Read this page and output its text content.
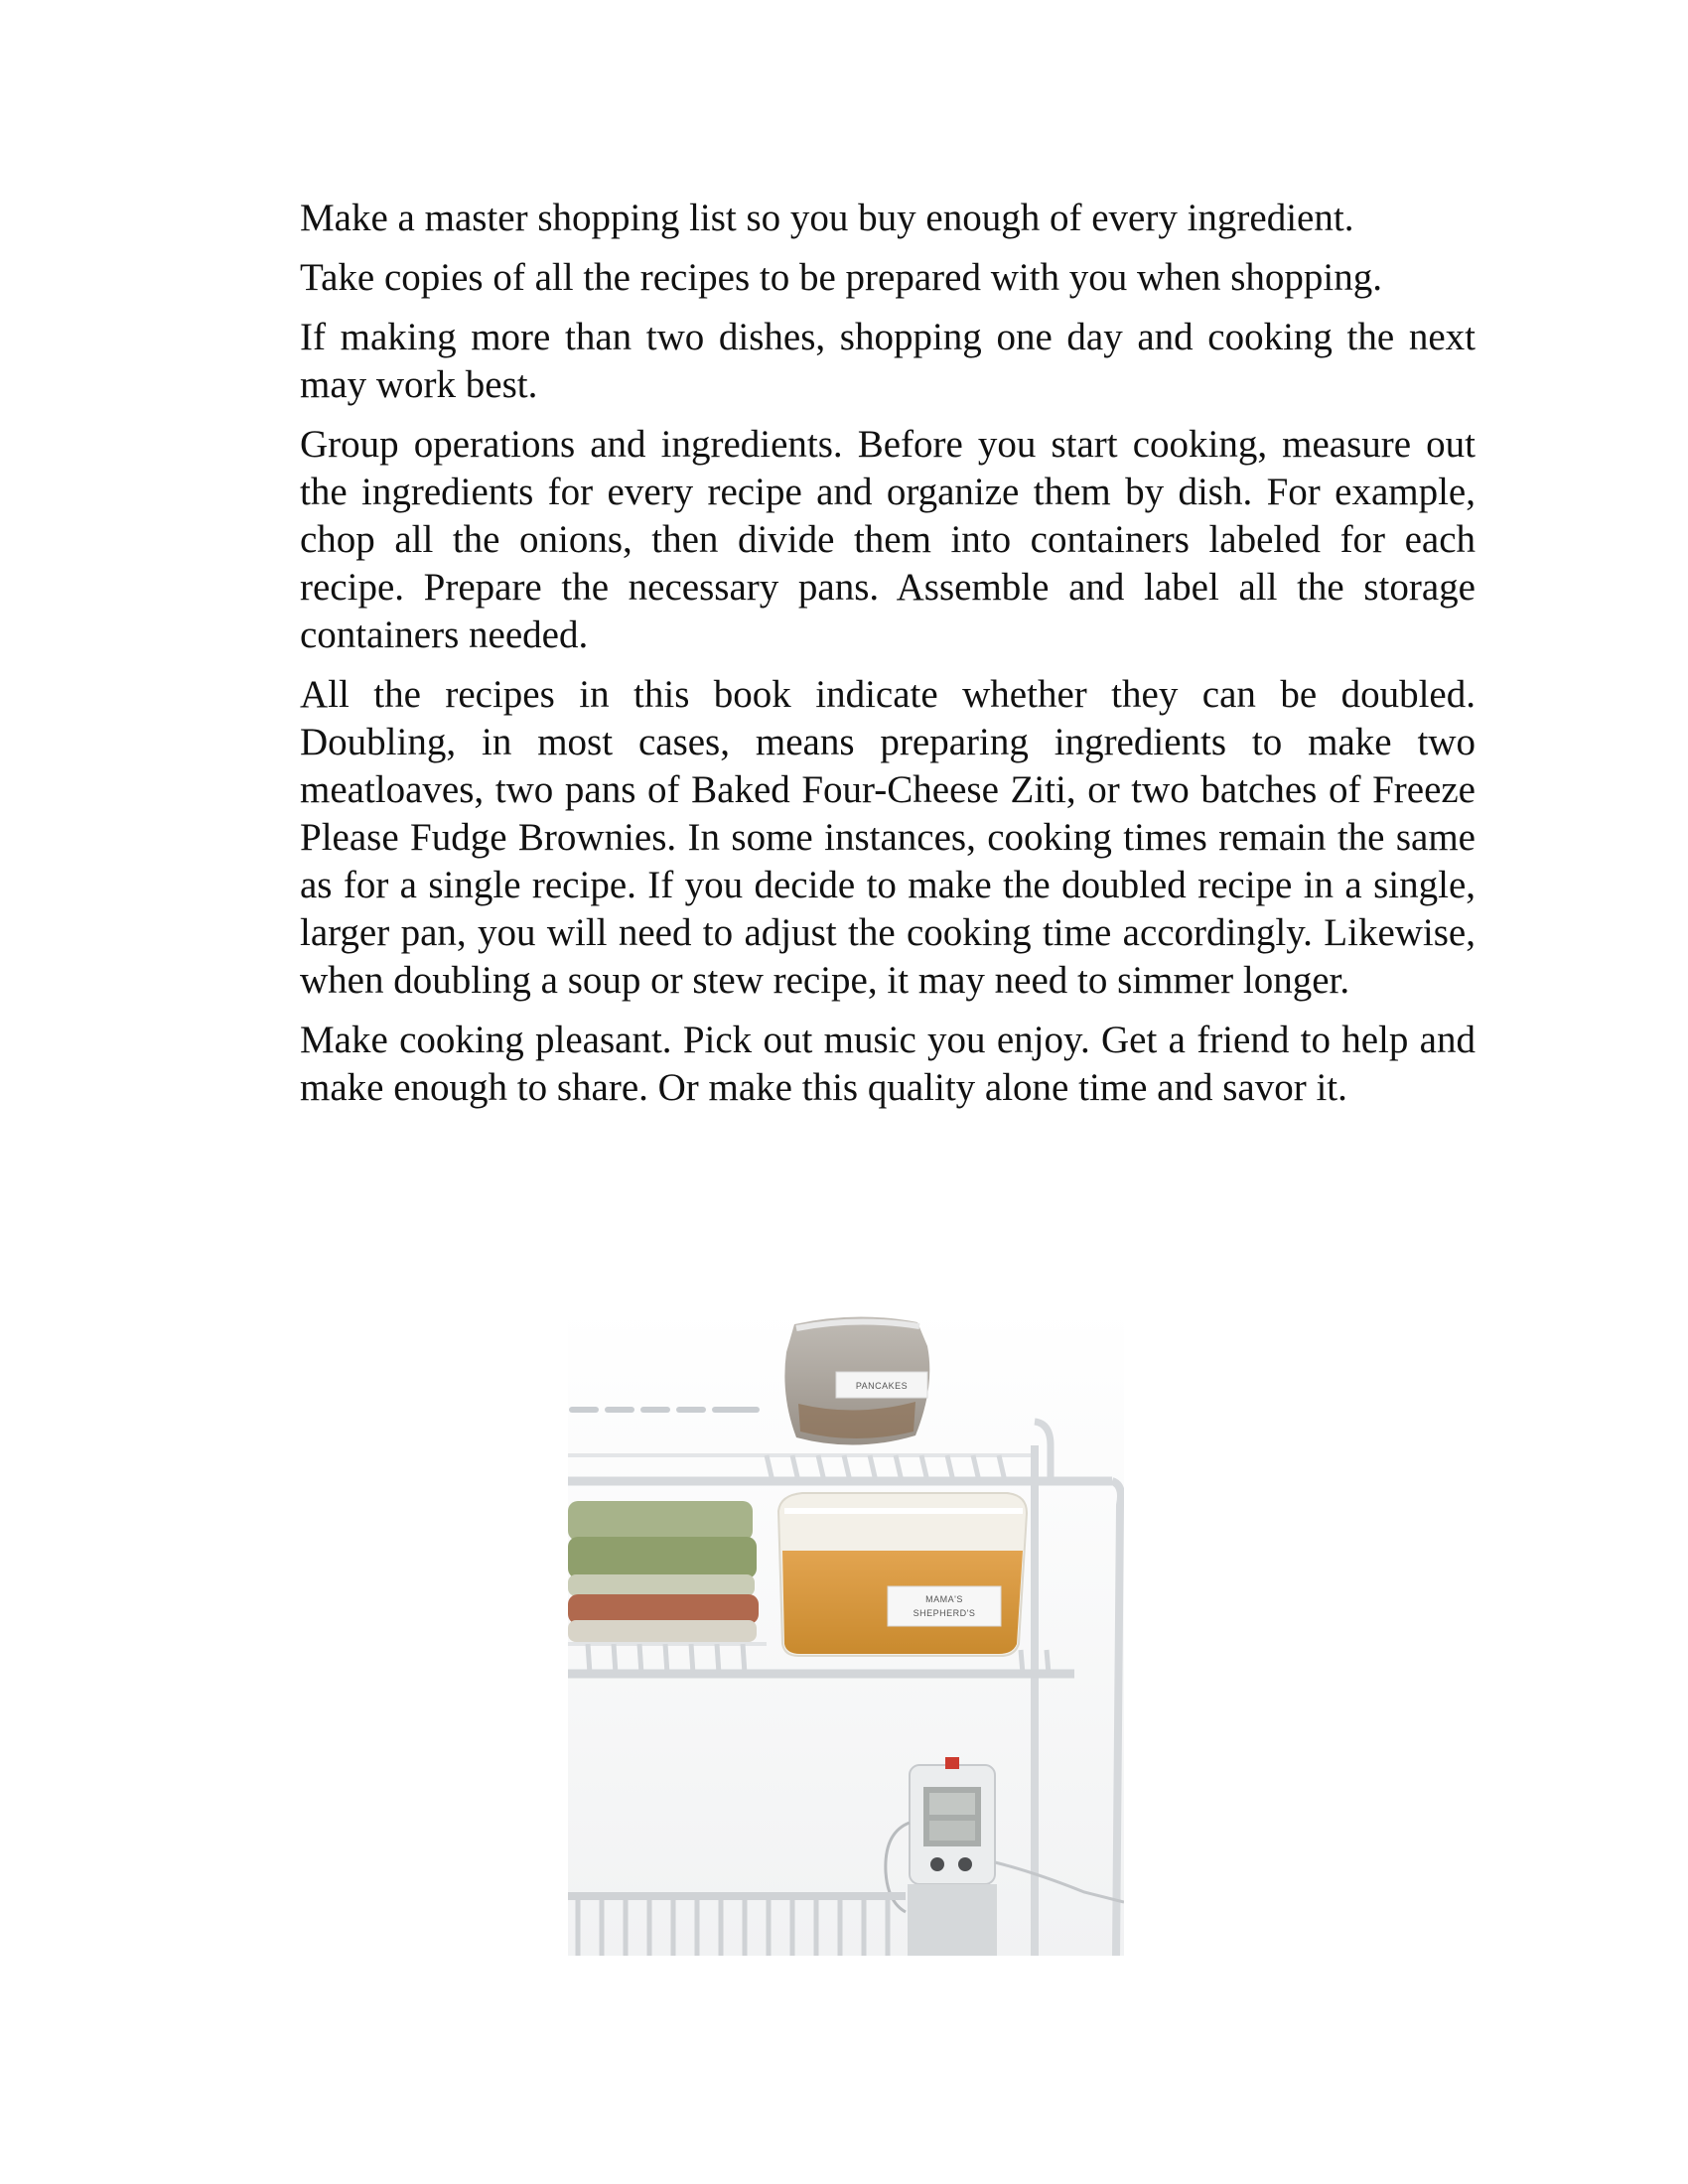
Make a master shopping list so you buy enough of every ingredient.

Take copies of all the recipes to be prepared with you when shopping.

If making more than two dishes, shopping one day and cooking the next may work best.

Group operations and ingredients. Before you start cooking, measure out the ingredients for every recipe and organize them by dish. For example, chop all the onions, then divide them into containers labeled for each recipe. Prepare the necessary pans. Assemble and label all the storage containers needed.

All the recipes in this book indicate whether they can be doubled. Doubling, in most cases, means preparing ingredients to make two meatloaves, two pans of Baked Four-Cheese Ziti, or two batches of Freeze Please Fudge Brownies. In some instances, cooking times remain the same as for a single recipe. If you decide to make the doubled recipe in a single, larger pan, you will need to adjust the cooking time accordingly. Likewise, when doubling a soup or stew recipe, it may need to simmer longer.

Make cooking pleasant. Pick out music you enjoy. Get a friend to help and make enough to share. Or make this quality alone time and savor it.

PANCAKES
MAMA'S
SHEPHERD'S
